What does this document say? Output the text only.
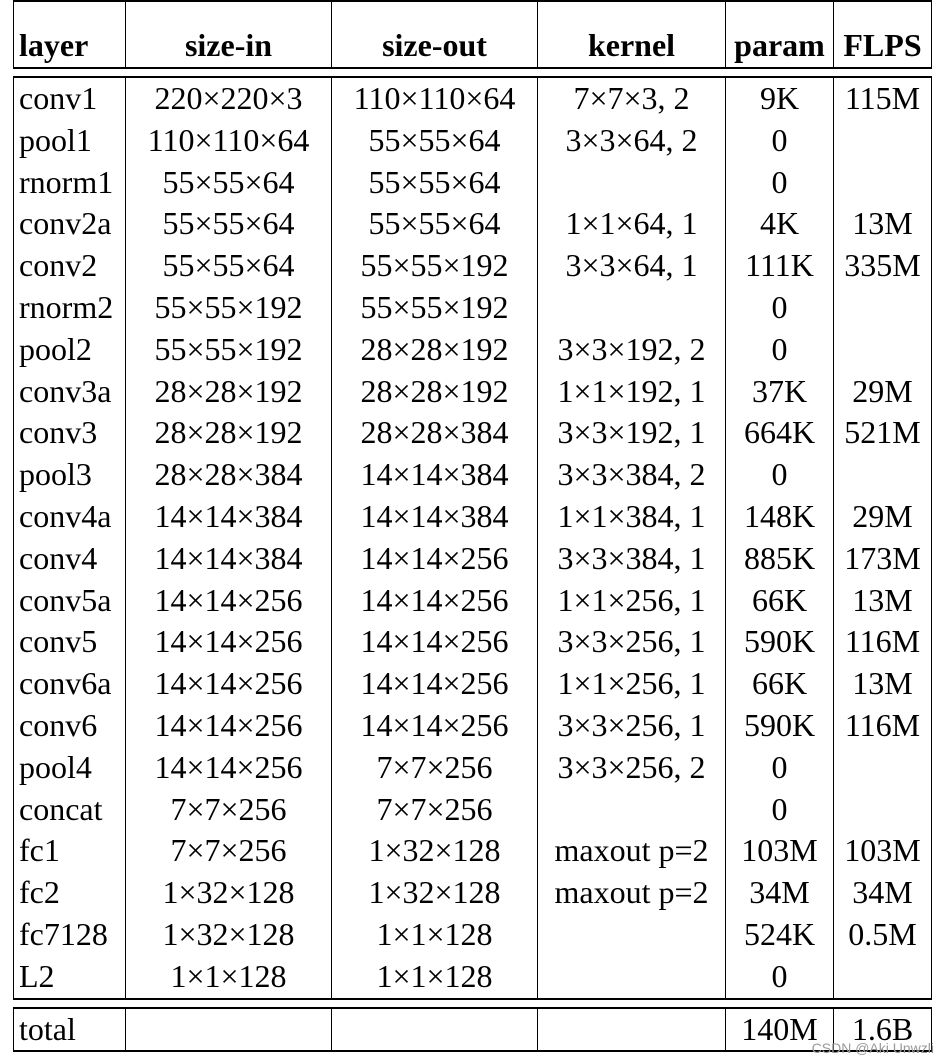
layer	size-in	size-out	kernel	param	FLPS

conv1	220×220×3	110×110×64	7×7×3, 2	9K	115M
pool1	110×110×64	55×55×64	3×3×64, 2	0	
rnorm1	55×55×64	55×55×64		0	
conv2a	55×55×64	55×55×64	1×1×64, 1	4K	13M
conv2	55×55×64	55×55×192	3×3×64, 1	111K	335M
rnorm2	55×55×192	55×55×192		0	
pool2	55×55×192	28×28×192	3×3×192, 2	0	
conv3a	28×28×192	28×28×192	1×1×192, 1	37K	29M
conv3	28×28×192	28×28×384	3×3×192, 1	664K	521M
pool3	28×28×384	14×14×384	3×3×384, 2	0	
conv4a	14×14×384	14×14×384	1×1×384, 1	148K	29M
conv4	14×14×384	14×14×256	3×3×384, 1	885K	173M
conv5a	14×14×256	14×14×256	1×1×256, 1	66K	13M
conv5	14×14×256	14×14×256	3×3×256, 1	590K	116M
conv6a	14×14×256	14×14×256	1×1×256, 1	66K	13M
conv6	14×14×256	14×14×256	3×3×256, 1	590K	116M
pool4	14×14×256	7×7×256	3×3×256, 2	0	
concat	7×7×256	7×7×256		0	
fc1	7×7×256	1×32×128	maxout p=2	103M	103M
fc2	1×32×128	1×32×128	maxout p=2	34M	34M
fc7128	1×32×128	1×1×128		524K	0.5M
L2	1×1×128	1×1×128		0	

total				140M	1.6B
CSDN @Aki Unwzli
